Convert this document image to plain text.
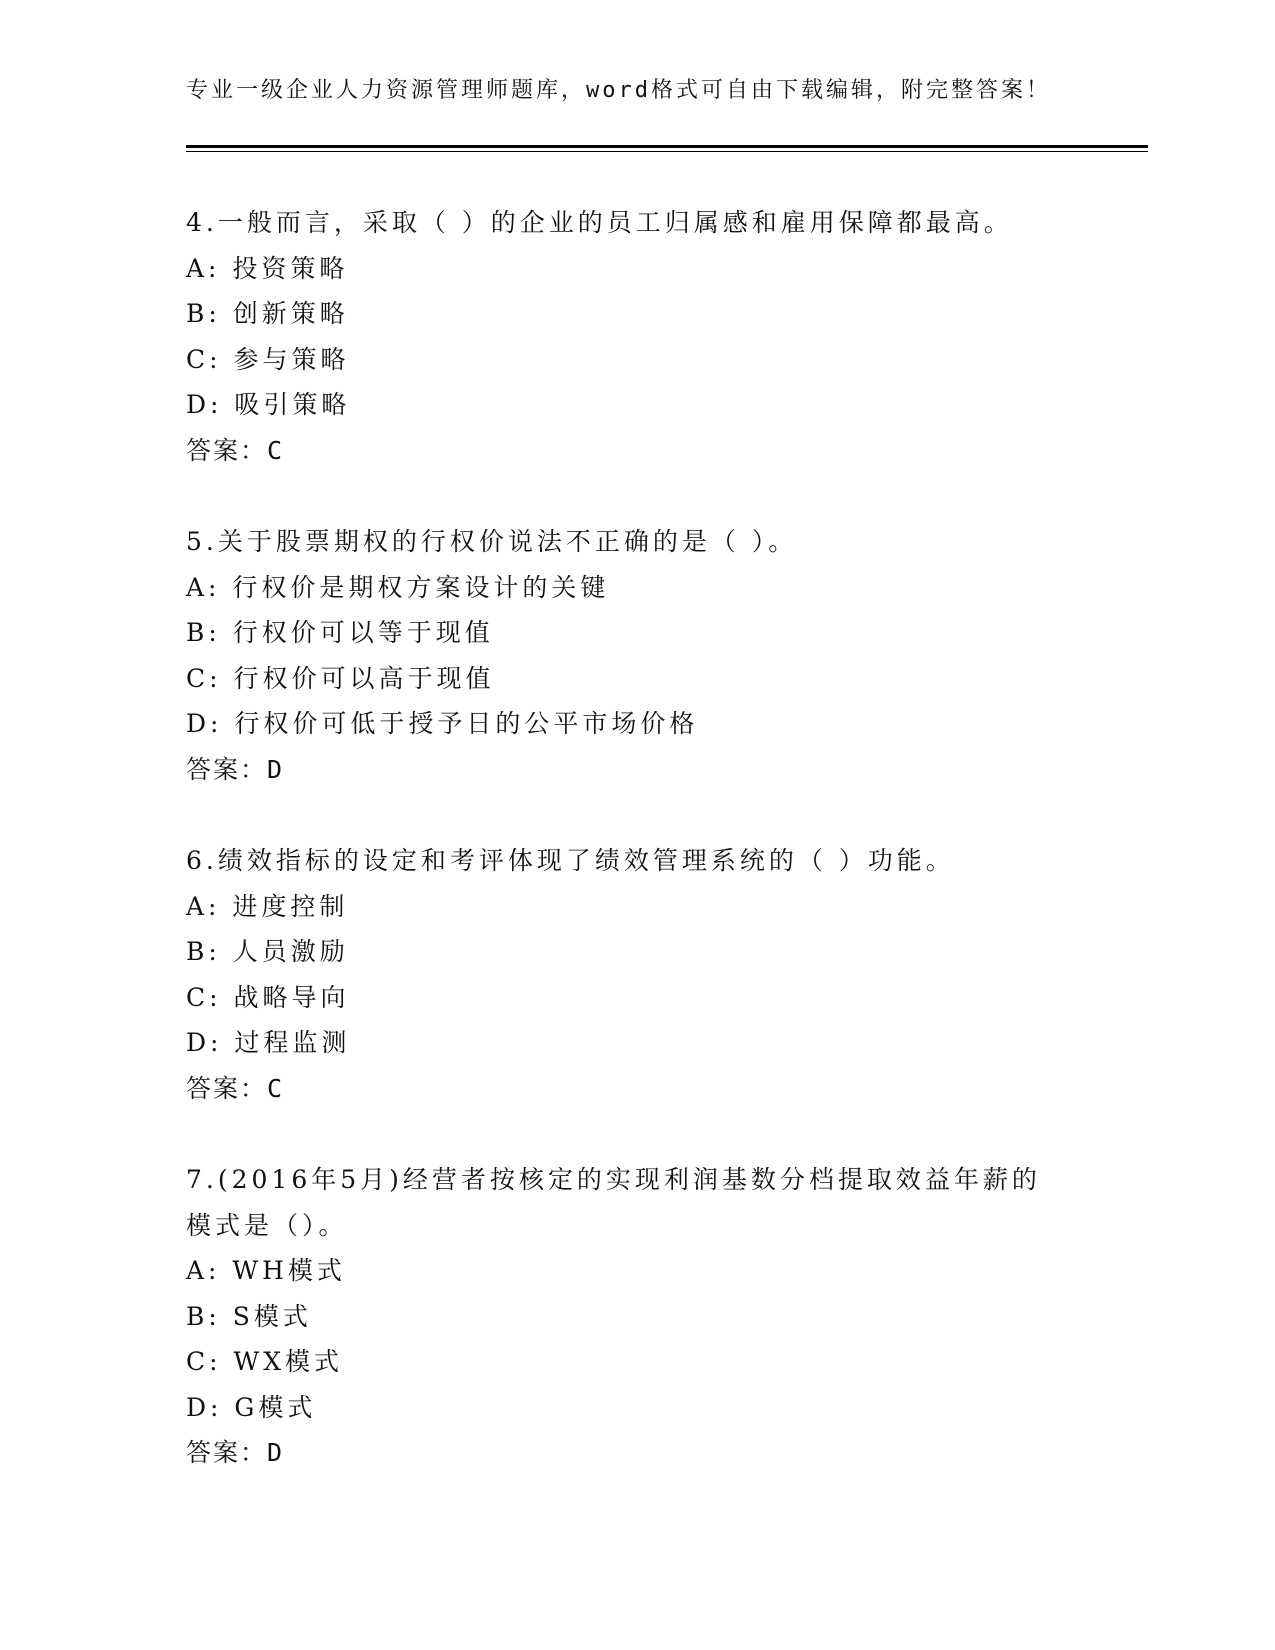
专业一级企业人力资源管理师题库，word格式可自由下载编辑，附完整答案！
4.一般而言，采取（ ）的企业的员工归属感和雇用保障都最高。
A: 投资策略
B: 创新策略
C: 参与策略
D: 吸引策略
答案：C
5.关于股票期权的行权价说法不正确的是（ ）。
A: 行权价是期权方案设计的关键
B: 行权价可以等于现值
C: 行权价可以高于现值
D: 行权价可低于授予日的公平市场价格
答案：D
6.绩效指标的设定和考评体现了绩效管理系统的（ ）功能。
A: 进度控制
B: 人员激励
C: 战略导向
D: 过程监测
答案：C
7.(2016年5月)经营者按核定的实现利润基数分档提取效益年薪的模式是（）。
A: WH模式
B: S模式
C: WX模式
D: G模式
答案：D
